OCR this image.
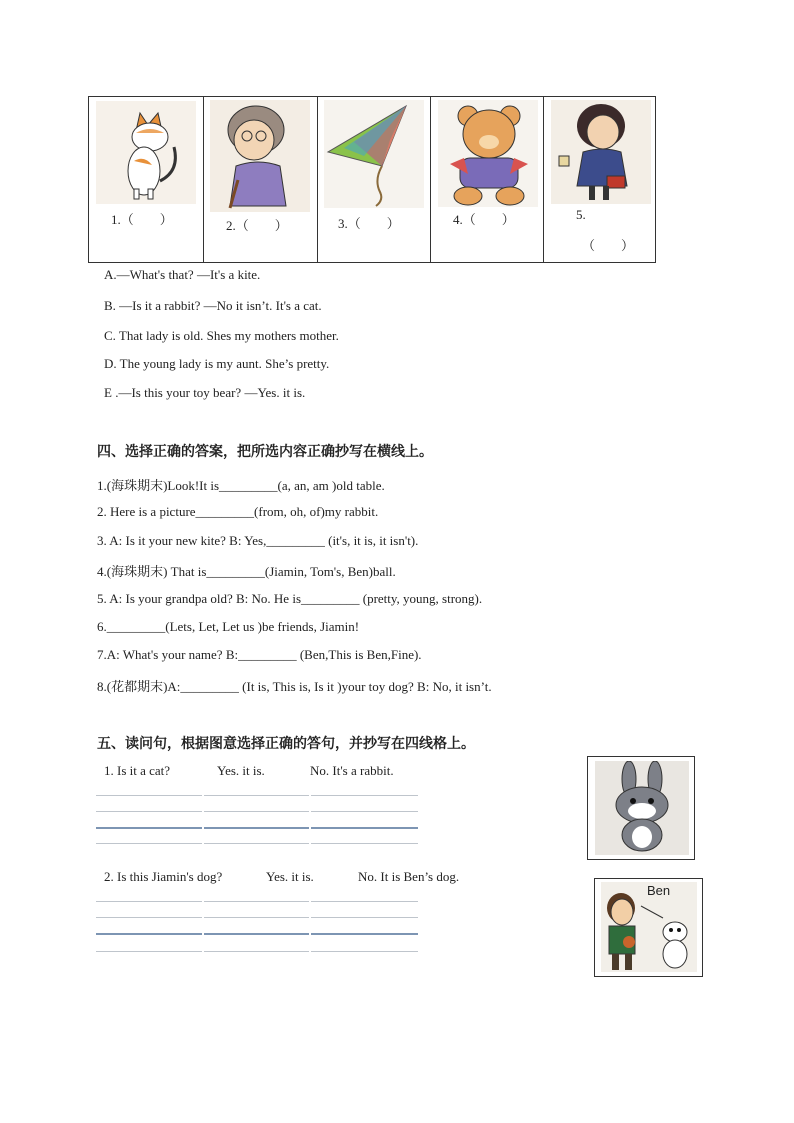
1.（　　）	2.（　　）	3.（　　）	4.（　　）	5.
（　　）
A.—What's that? —It's a kite.
B. —Is it a rabbit? —No it isn’t. It's a cat.
C. That lady is old. Shes my mothers mother.
D. The young lady is my aunt. She’s pretty.
E .—Is this your toy bear? —Yes. it is.
四、选择正确的答案，把所选内容正确抄写在横线上。
1.(海珠期末)Look!It is_________(a, an, am )old table.
2. Here is a picture_________(from, oh, of)my rabbit.
3. A: Is it your new kite? B: Yes,_________ (it's, it is, it isn't).
4.(海珠期末) That is_________(Jiamin, Tom's, Ben)ball.
5. A: Is your grandpa old? B: No. He is_________ (pretty, young, strong).
6._________(Lets, Let, Let us )be friends, Jiamin!
7.A: What's your name? B:_________ (Ben,This is Ben,Fine).
8.(花都期末)A:_________ (It is, This is, Is it )your toy dog? B: No, it isn’t.
五、读问句，根据图意选择正确的答句，并抄写在四线格上。
1. Is it a cat?	Yes. it is.	No. It's a rabbit.
2. Is this Jiamin's dog?	Yes. it is.	No. It is Ben’s dog.
Ben
